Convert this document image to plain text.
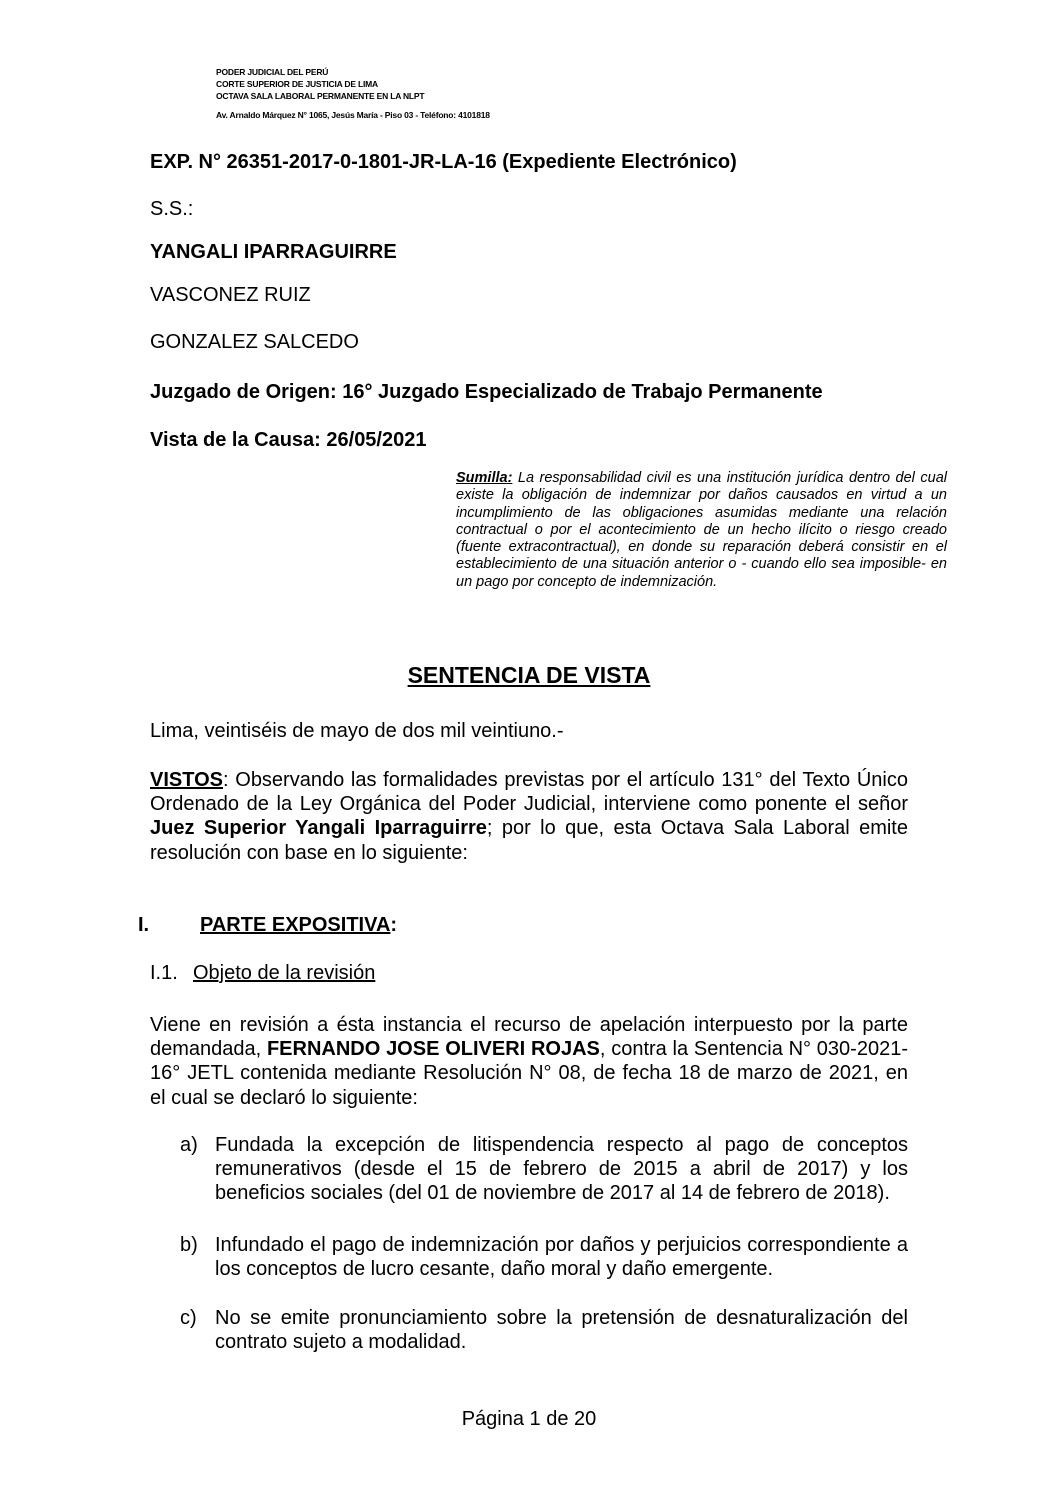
PODER JUDICIAL DEL PERÚ
CORTE SUPERIOR DE JUSTICIA DE LIMA
OCTAVA SALA LABORAL PERMANENTE EN LA NLPT
Av. Arnaldo Márquez N° 1065, Jesús María - Piso 03 - Teléfono: 4101818
EXP. N° 26351-2017-0-1801-JR-LA-16 (Expediente Electrónico)
S.S.:
YANGALI IPARRAGUIRRE
VASCONEZ RUIZ
GONZALEZ SALCEDO
Juzgado de Origen: 16° Juzgado Especializado de Trabajo Permanente
Vista de la Causa: 26/05/2021
Sumilla: La responsabilidad civil es una institución jurídica dentro del cual existe la obligación de indemnizar por daños causados en virtud a un incumplimiento de las obligaciones asumidas mediante una relación contractual o por el acontecimiento de un hecho ilícito o riesgo creado (fuente extracontractual), en donde su reparación deberá consistir en el establecimiento de una situación anterior o - cuando ello sea imposible- en un pago por concepto de indemnización.
SENTENCIA DE VISTA
Lima, veintiséis de mayo de dos mil veintiuno.-
VISTOS: Observando las formalidades previstas por el artículo 131° del Texto Único Ordenado de la Ley Orgánica del Poder Judicial, interviene como ponente el señor Juez Superior Yangali Iparraguirre; por lo que, esta Octava Sala Laboral emite resolución con base en lo siguiente:
I.	PARTE EXPOSITIVA:
I.1. Objeto de la revisión
Viene en revisión a ésta instancia el recurso de apelación interpuesto por la parte demandada, FERNANDO JOSE OLIVERI ROJAS, contra la Sentencia N° 030-2021-16° JETL contenida mediante Resolución N° 08, de fecha 18 de marzo de 2021, en el cual se declaró lo siguiente:
a) Fundada la excepción de litispendencia respecto al pago de conceptos remunerativos (desde el 15 de febrero de 2015 a abril de 2017) y los beneficios sociales (del 01 de noviembre de 2017 al 14 de febrero de 2018).
b) Infundado el pago de indemnización por daños y perjuicios correspondiente a los conceptos de lucro cesante, daño moral y daño emergente.
c) No se emite pronunciamiento sobre la pretensión de desnaturalización del contrato sujeto a modalidad.
Página 1 de 20
